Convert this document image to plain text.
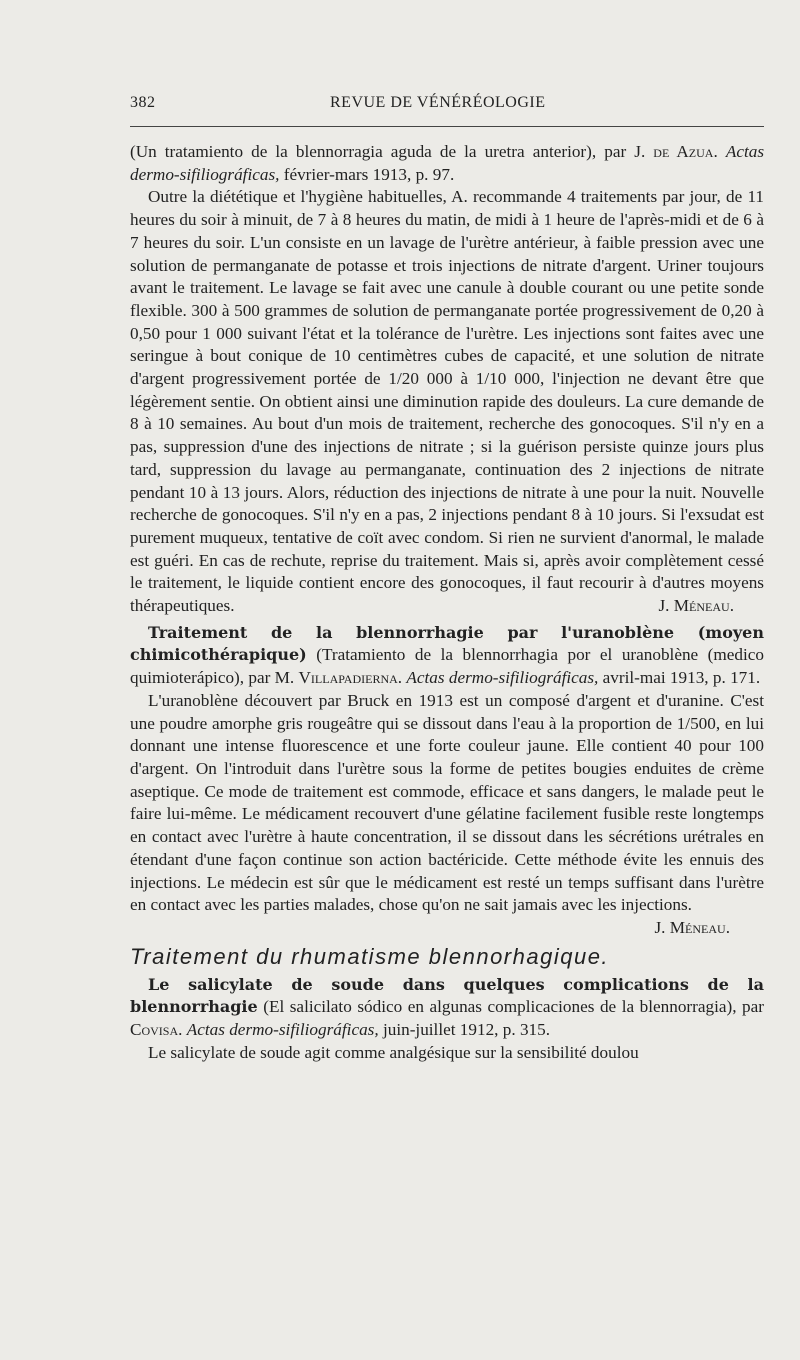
382	REVUE DE VÉNÉRÉOLOGIE

(Un tratamiento de la blennorragia aguda de la uretra anterior), par J. de Azua. Actas dermo-sifiliográficas, février-mars 1913, p. 97.

Outre la diététique et l'hygiène habituelles, A. recommande 4 traitements par jour, de 11 heures du soir à minuit, de 7 à 8 heures du matin, de midi à 1 heure de l'après-midi et de 6 à 7 heures du soir. L'un consiste en un lavage de l'urètre antérieur, à faible pression avec une solution de permanganate de potasse et trois injections de nitrate d'argent. Uriner toujours avant le traitement. Le lavage se fait avec une canule à double courant ou une petite sonde flexible. 300 à 500 grammes de solution de permanganate portée progressivement de 0,20 à 0,50 pour 1 000 suivant l'état et la tolérance de l'urètre. Les injections sont faites avec une seringue à bout conique de 10 centimètres cubes de capacité, et une solution de nitrate d'argent progressivement portée de 1/20 000 à 1/10 000, l'injection ne devant être que légèrement sentie. On obtient ainsi une diminution rapide des douleurs. La cure demande de 8 à 10 semaines. Au bout d'un mois de traitement, recherche des gonocoques. S'il n'y en a pas, suppression d'une des injections de nitrate ; si la guérison persiste quinze jours plus tard, suppression du lavage au permanganate, continuation des 2 injections de nitrate pendant 10 à 13 jours. Alors, réduction des injections de nitrate à une pour la nuit. Nouvelle recherche de gonocoques. S'il n'y en a pas, 2 injections pendant 8 à 10 jours. Si l'exsudat est purement muqueux, tentative de coït avec condom. Si rien ne survient d'anormal, le malade est guéri. En cas de rechute, reprise du traitement. Mais si, après avoir complètement cessé le traitement, le liquide contient encore des gonocoques, il faut recourir à d'autres moyens thérapeutiques.	J. Méneau.

Traitement de la blennorrhagie par l'uranoblène (moyen chimicothérapique) (Tratamiento de la blennorrhagia por el uranoblène (medico quimioterápico), par M. Villapadierna. Actas dermo-sifiliográficas, avril-mai 1913, p. 171.

L'uranoblène découvert par Bruck en 1913 est un composé d'argent et d'uranine. C'est une poudre amorphe gris rougeâtre qui se dissout dans l'eau à la proportion de 1/500, en lui donnant une intense fluorescence et une forte couleur jaune. Elle contient 40 pour 100 d'argent. On l'introduit dans l'urètre sous la forme de petites bougies enduites de crème aseptique. Ce mode de traitement est commode, efficace et sans dangers, le malade peut le faire lui-même. Le médicament recouvert d'une gélatine facilement fusible reste longtemps en contact avec l'urètre à haute concentration, il se dissout dans les sécrétions urétrales en étendant d'une façon continue son action bactéricide. Cette méthode évite les ennuis des injections. Le médecin est sûr que le médicament est resté un temps suffisant dans l'urètre en contact avec les parties malades, chose qu'on ne sait jamais avec les injections.
J. Méneau.

Traitement du rhumatisme blennorhagique.

Le salicylate de soude dans quelques complications de la blennorrhagie (El salicilato sódico en algunas complicaciones de la blennorragia), par Covisa. Actas dermo-sifiliográficas, juin-juillet 1912, p. 315.

Le salicylate de soude agit comme analgésique sur la sensibilité doulou
